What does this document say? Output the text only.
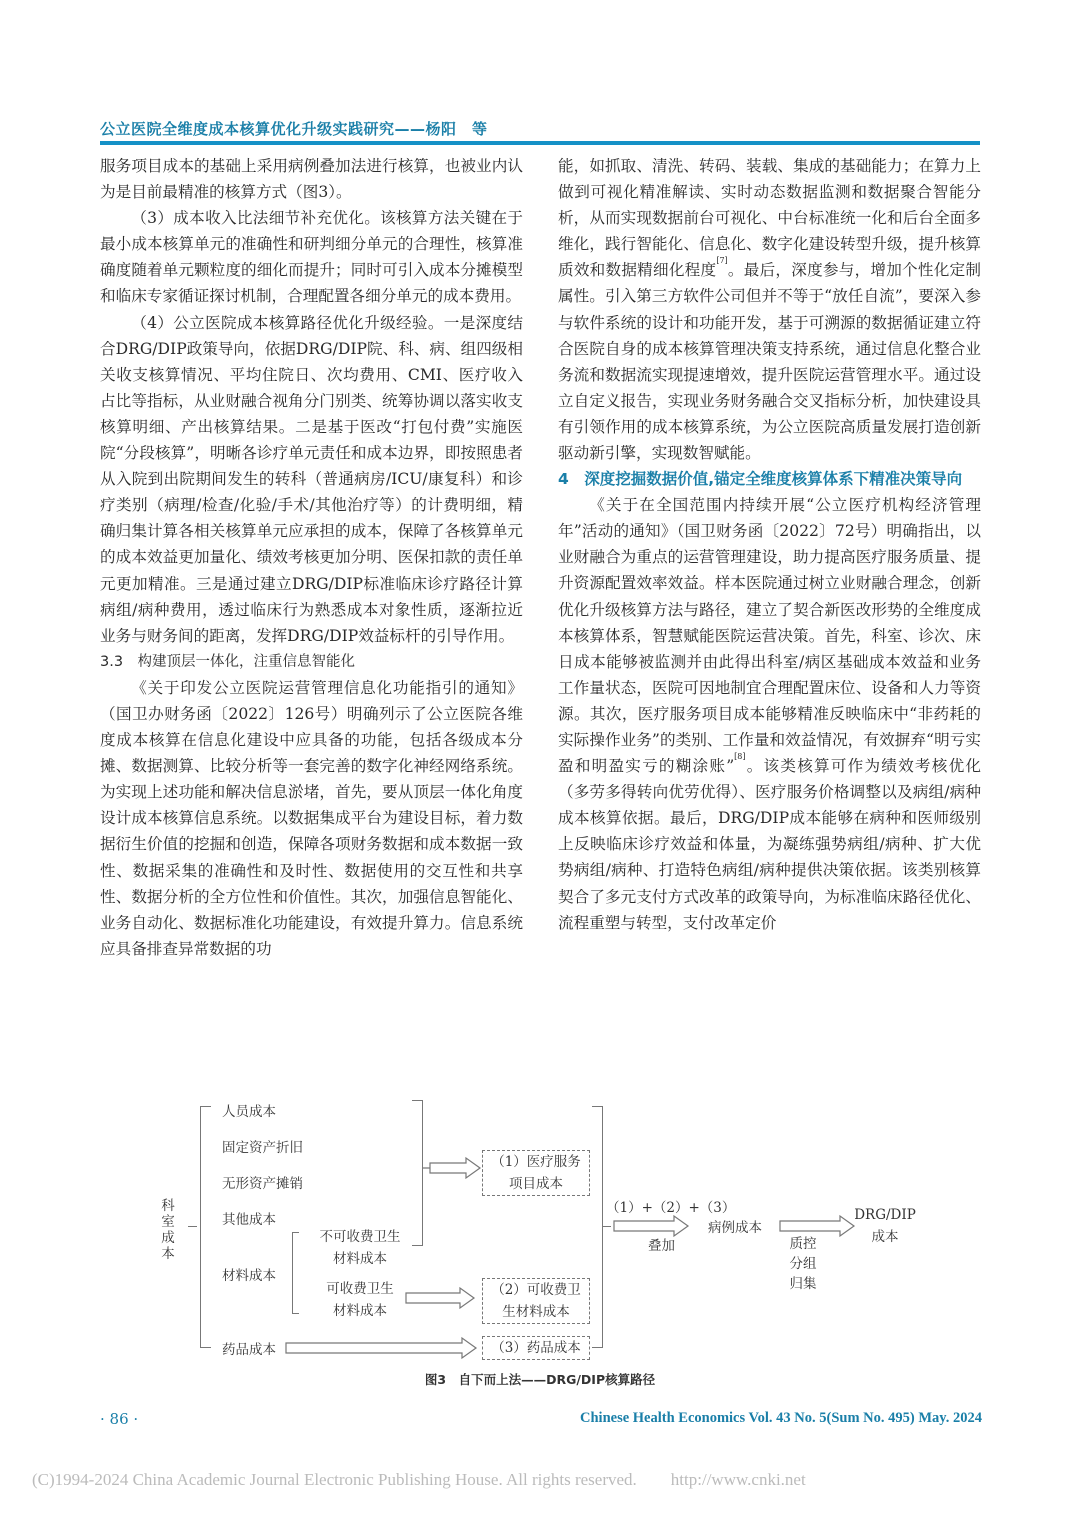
公立医院全维度成本核算优化升级实践研究——杨阳　等

服务项目成本的基础上采用病例叠加法进行核算，也被业内认为是目前最精准的核算方式（图3）。

（3）成本收入比法细节补充优化。该核算方法关键在于最小成本核算单元的准确性和研判细分单元的合理性，核算准确度随着单元颗粒度的细化而提升；同时可引入成本分摊模型和临床专家循证探讨机制，合理配置各细分单元的成本费用。

（4）公立医院成本核算路径优化升级经验。一是深度结合DRG/DIP政策导向，依据DRG/DIP院、科、病、组四级相关收支核算情况、平均住院日、次均费用、CMI、医疗收入占比等指标，从业财融合视角分门别类、统筹协调以落实收支核算明细、产出核算结果。二是基于医改“打包付费”实施医院“分段核算”，明晰各诊疗单元责任和成本边界，即按照患者从入院到出院期间发生的转科（普通病房/ICU/康复科）和诊疗类别（病理/检查/化验/手术/其他治疗等）的计费明细，精确归集计算各相关核算单元应承担的成本，保障了各核算单元的成本效益更加量化、绩效考核更加分明、医保扣款的责任单元更加精准。三是通过建立DRG/DIP标准临床诊疗路径计算病组/病种费用，透过临床行为熟悉成本对象性质，逐渐拉近业务与财务间的距离，发挥DRG/DIP效益标杆的引导作用。

3.3　构建顶层一体化，注重信息智能化

《关于印发公立医院运营管理信息化功能指引的通知》（国卫办财务函〔2022〕126号）明确列示了公立医院各维度成本核算在信息化建设中应具备的功能，包括各级成本分摊、数据测算、比较分析等一套完善的数字化神经网络系统。为实现上述功能和解决信息淤堵，首先，要从顶层一体化角度设计成本核算信息系统。以数据集成平台为建设目标，着力数据衍生价值的挖掘和创造，保障各项财务数据和成本数据一致性、数据采集的准确性和及时性、数据使用的交互性和共享性、数据分析的全方位性和价值性。其次，加强信息智能化、业务自动化、数据标准化功能建设，有效提升算力。信息系统应具备排查异常数据的功

能，如抓取、清洗、转码、装载、集成的基础能力；在算力上做到可视化精准解读、实时动态数据监测和数据聚合智能分析，从而实现数据前台可视化、中台标准统一化和后台全面多维化，践行智能化、信息化、数字化建设转型升级，提升核算质效和数据精细化程度[7]。最后，深度参与，增加个性化定制属性。引入第三方软件公司但并不等于“放任自流”，要深入参与软件系统的设计和功能开发，基于可溯源的数据循证建立符合医院自身的成本核算管理决策支持系统，通过信息化整合业务流和数据流实现提速增效，提升医院运营管理水平。通过设立自定义报告，实现业务财务融合交叉指标分析，加快建设具有引领作用的成本核算系统，为公立医院高质量发展打造创新驱动新引擎，实现数智赋能。

4　深度挖掘数据价值,锚定全维度核算体系下精准决策导向

《关于在全国范围内持续开展“公立医疗机构经济管理年”活动的通知》（国卫财务函〔2022〕72号）明确指出，以业财融合为重点的运营管理建设，助力提高医疗服务质量、提升资源配置效率效益。样本医院通过树立业财融合理念，创新优化升级核算方法与路径，建立了契合新医改形势的全维度成本核算体系，智慧赋能医院运营决策。首先，科室、诊次、床日成本能够被监测并由此得出科室/病区基础成本效益和业务工作量状态，医院可因地制宜合理配置床位、设备和人力等资源。其次，医疗服务项目成本能够精准反映临床中“非药耗的实际操作业务”的类别、工作量和效益情况，有效摒弃“明亏实盈和明盈实亏的糊涂账”[8]。该类核算可作为绩效考核优化（多劳多得转向优劳优得）、医疗服务价格调整以及病组/病种成本核算依据。最后，DRG/DIP成本能够在病种和医师级别上反映临床诊疗效益和体量，为凝练强势病组/病种、扩大优势病组/病种、打造特色病组/病种提供决策依据。该类别核算契合了多元支付方式改革的政策导向，为标准临床路径优化、流程重塑与转型，支付改革定价

科室成本
人员成本
固定资产折旧
无形资产摊销
其他成本
材料成本
药品成本
不可收费卫生
材料成本
可收费卫生
材料成本
（1）医疗服务
项目成本
（2）可收费卫
生材料成本
（3）药品成本
（1）+（2）+（3）
叠加
病例成本
质控
分组
归集
DRG/DIP
成本
图3　自下而上法——DRG/DIP核算路径
· 86 ·	Chinese Health Economics Vol. 43 No. 5(Sum No. 495) May. 2024
(C)1994-2024 China Academic Journal Electronic Publishing House. All rights reserved.　　http://www.cnki.net
